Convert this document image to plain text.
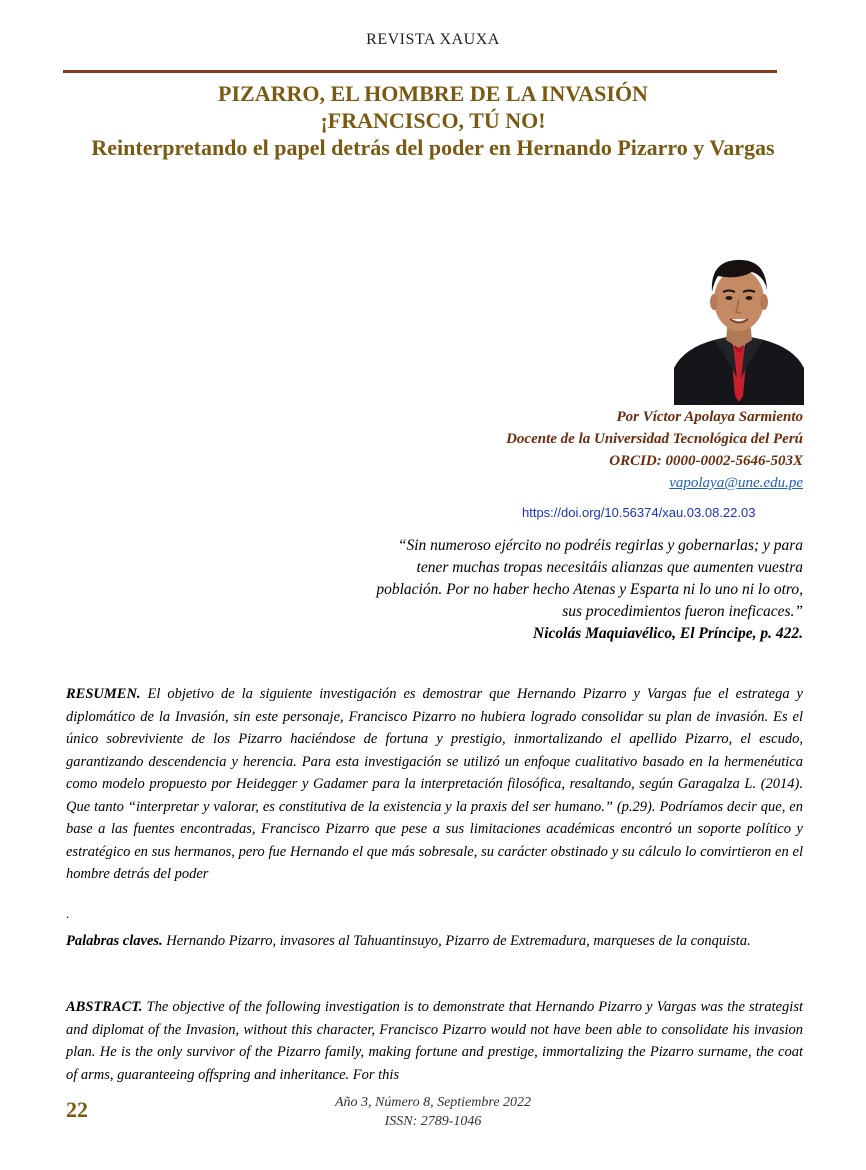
REVISTA XAUXA
PIZARRO, EL HOMBRE DE LA INVASIÓN
¡FRANCISCO, TÚ NO!
Reinterpretando el papel detrás del poder en Hernando Pizarro y Vargas
Por Víctor Apolaya Sarmiento
Docente de la Universidad Tecnológica del Perú
ORCID: 0000-0002-5646-503X
vapolaya@une.edu.pe
https://doi.org/10.56374/xau.03.08.22.03
“Sin numeroso ejército no podréis regirlas y gobernarlas; y para tener muchas tropas necesitáis alianzas que aumenten vuestra población. Por no haber hecho Atenas y Esparta ni lo uno ni lo otro, sus procedimientos fueron ineficaces.”
Nicolás Maquiavélico, El Príncipe, p. 422.
RESUMEN. El objetivo de la siguiente investigación es demostrar que Hernando Pizarro y Vargas fue el estratega y diplomático de la Invasión, sin este personaje, Francisco Pizarro no hubiera logrado consolidar su plan de invasión. Es el único sobreviviente de los Pizarro haciéndose de fortuna y prestigio, inmortalizando el apellido Pizarro, el escudo, garantizando descendencia y herencia. Para esta investigación se utilizó un enfoque cualitativo basado en la hermenéutica como modelo propuesto por Heidegger y Gadamer para la interpretación filosófica, resaltando, según Garagalza L. (2014). Que tanto “interpretar y valorar, es constitutiva de la existencia y la praxis del ser humano.” (p.29). Podríamos decir que, en base a las fuentes encontradas, Francisco Pizarro que pese a sus limitaciones académicas encontró un soporte político y estratégico en sus hermanos, pero fue Hernando el que más sobresale, su carácter obstinado y su cálculo lo convirtieron en el hombre detrás del poder
.
Palabras claves. Hernando Pizarro, invasores al Tahuantinsuyo, Pizarro de Extremadura, marqueses de la conquista.
ABSTRACT. The objective of the following investigation is to demonstrate that Hernando Pizarro y Vargas was the strategist and diplomat of the Invasion, without this character, Francisco Pizarro would not have been able to consolidate his invasion plan. He is the only survivor of the Pizarro family, making fortune and prestige, immortalizing the Pizarro surname, the coat of arms, guaranteeing offspring and inheritance. For this
22	Año 3, Número 8, Septiembre 2022
ISSN: 2789-1046
